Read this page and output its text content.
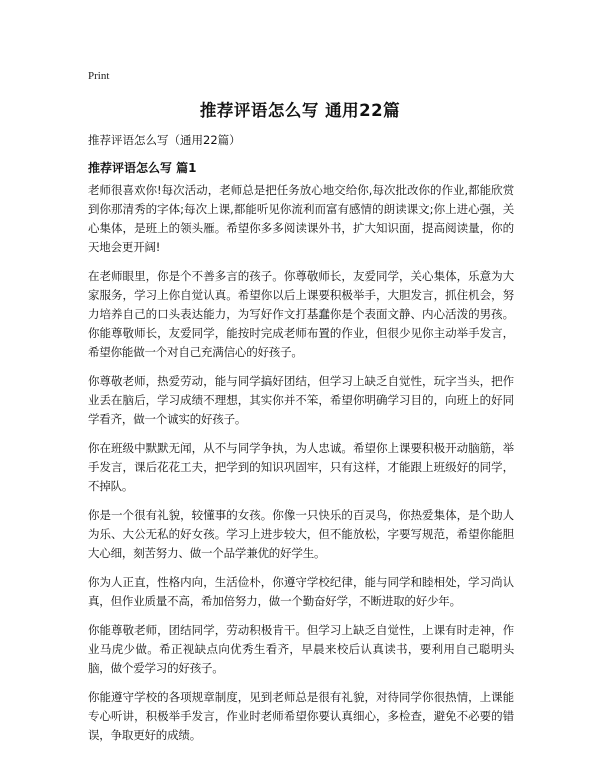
Print
推荐评语怎么写 通用22篇
推荐评语怎么写（通用22篇）
推荐评语怎么写 篇1

老师很喜欢你!每次活动，老师总是把任务放心地交给你,每次批改你的作业,都能欣赏到你那清秀的字体;每次上课,都能听见你流利而富有感情的朗读课文;你上进心强，关心集体，是班上的领头雁。希望你多多阅读课外书，扩大知识面，提高阅读量，你的天地会更开阔!

在老师眼里，你是个不善多言的孩子。你尊敬师长，友爱同学，关心集体，乐意为大家服务，学习上你自觉认真。希望你以后上课要积极举手，大胆发言，抓住机会，努力培养自己的口头表达能力，为写好作文打基蠢你是个表面文静、内心活泼的男孩。你能尊敬师长，友爱同学，能按时完成老师布置的作业，但很少见你主动举手发言，希望你能做一个对自己充满信心的好孩子。

你尊敬老师，热爱劳动，能与同学搞好团结，但学习上缺乏自觉性，玩字当头，把作业丢在脑后，学习成绩不理想，其实你并不笨，希望你明确学习目的，向班上的好同学看齐，做一个诚实的好孩子。

你在班级中默默无闻，从不与同学争执，为人忠诚。希望你上课要积极开动脑筋，举手发言，课后花花工夫，把学到的知识巩固牢，只有这样，才能跟上班级好的同学，不掉队。

你是一个很有礼貌，较懂事的女孩。你像一只快乐的百灵鸟，你热爱集体，是个助人为乐、大公无私的好女孩。学习上进步较大，但不能放松，字要写规范，希望你能胆大心细，刻苦努力、做一个品学兼优的好学生。

你为人正直，性格内向，生活俭朴，你遵守学校纪律，能与同学和睦相处，学习尚认真，但作业质量不高，希加倍努力，做一个勤奋好学，不断进取的好少年。

你能尊敬老师，团结同学，劳动积极肯干。但学习上缺乏自觉性，上课有时走神，作业马虎少做。希正视缺点向优秀生看齐，早晨来校后认真读书，要利用自己聪明头脑，做个爱学习的好孩子。

你能遵守学校的各项规章制度，见到老师总是很有礼貌，对待同学你很热情，上课能专心听讲，积极举手发言，作业时老师希望你要认真细心，多检查，避免不必要的错误，争取更好的成绩。
